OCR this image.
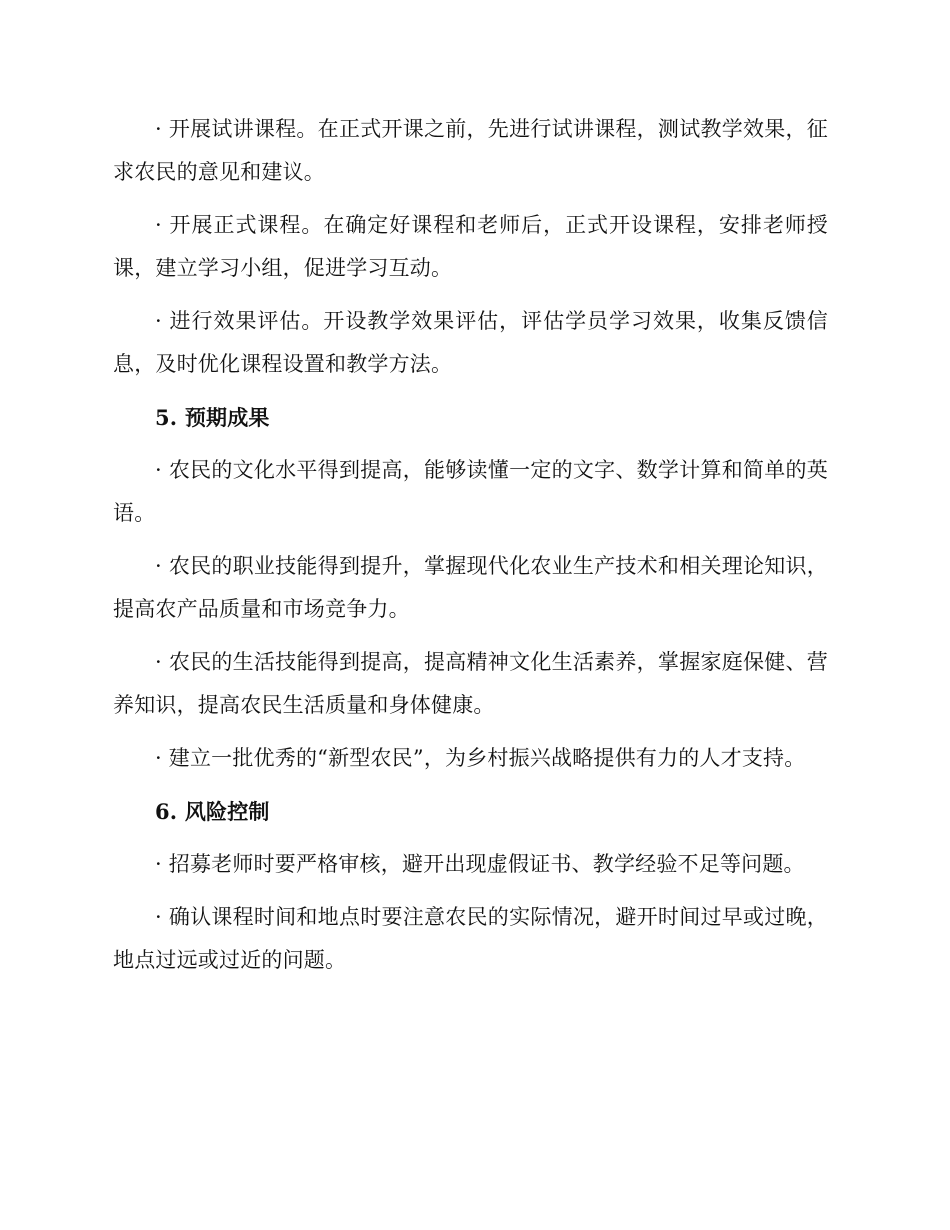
· 开展试讲课程。在正式开课之前，先进行试讲课程，测试教学效果，征求农民的意见和建议。

· 开展正式课程。在确定好课程和老师后，正式开设课程，安排老师授课，建立学习小组，促进学习互动。

· 进行效果评估。开设教学效果评估，评估学员学习效果，收集反馈信息，及时优化课程设置和教学方法。

5. 预期成果

· 农民的文化水平得到提高，能够读懂一定的文字、数学计算和简单的英语。

· 农民的职业技能得到提升，掌握现代化农业生产技术和相关理论知识，提高农产品质量和市场竞争力。

· 农民的生活技能得到提高，提高精神文化生活素养，掌握家庭保健、营养知识，提高农民生活质量和身体健康。

· 建立一批优秀的“新型农民”，为乡村振兴战略提供有力的人才支持。

6. 风险控制

· 招募老师时要严格审核，避开出现虚假证书、教学经验不足等问题。

· 确认课程时间和地点时要注意农民的实际情况，避开时间过早或过晚，地点过远或过近的问题。
